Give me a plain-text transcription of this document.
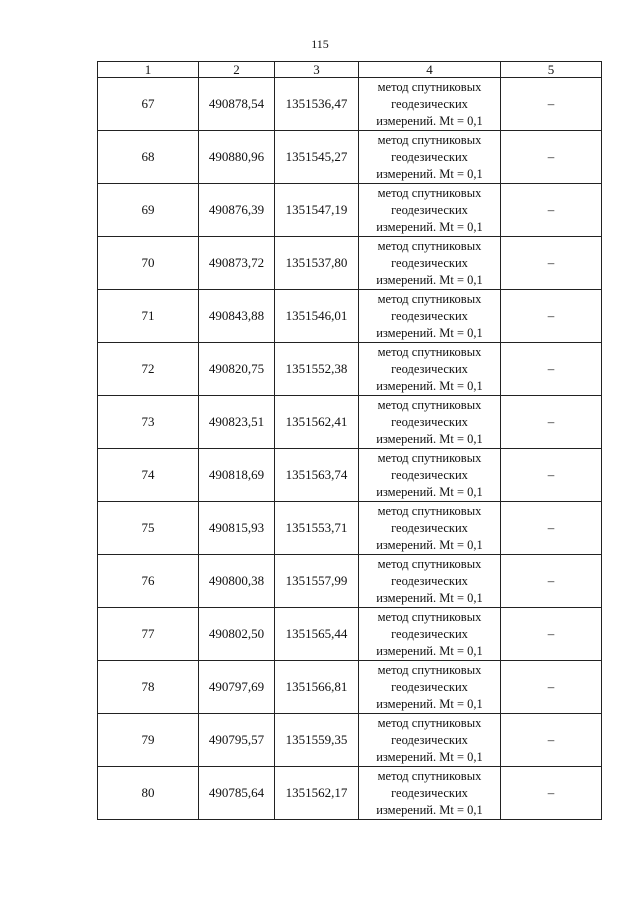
115
1	2	3	4	5
67	490878,54	1351536,47	метод спутниковых
геодезических
измерений. Mt = 0,1	–
68	490880,96	1351545,27	метод спутниковых
геодезических
измерений. Mt = 0,1	–
69	490876,39	1351547,19	метод спутниковых
геодезических
измерений. Mt = 0,1	–
70	490873,72	1351537,80	метод спутниковых
геодезических
измерений. Mt = 0,1	–
71	490843,88	1351546,01	метод спутниковых
геодезических
измерений. Mt = 0,1	–
72	490820,75	1351552,38	метод спутниковых
геодезических
измерений. Mt = 0,1	–
73	490823,51	1351562,41	метод спутниковых
геодезических
измерений. Mt = 0,1	–
74	490818,69	1351563,74	метод спутниковых
геодезических
измерений. Mt = 0,1	–
75	490815,93	1351553,71	метод спутниковых
геодезических
измерений. Mt = 0,1	–
76	490800,38	1351557,99	метод спутниковых
геодезических
измерений. Mt = 0,1	–
77	490802,50	1351565,44	метод спутниковых
геодезических
измерений. Mt = 0,1	–
78	490797,69	1351566,81	метод спутниковых
геодезических
измерений. Mt = 0,1	–
79	490795,57	1351559,35	метод спутниковых
геодезических
измерений. Mt = 0,1	–
80	490785,64	1351562,17	метод спутниковых
геодезических
измерений. Mt = 0,1	–
